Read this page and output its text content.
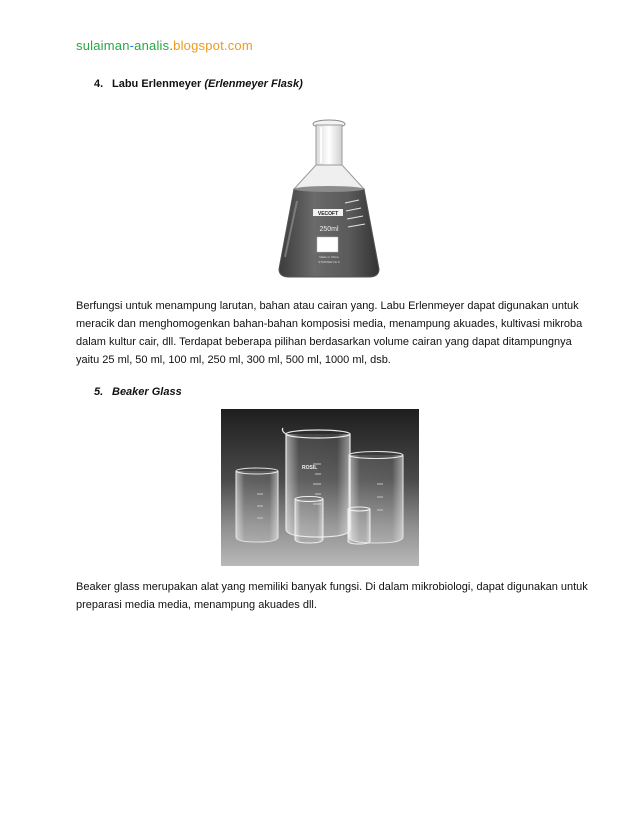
sulaiman-analis.blogspot.com

4. Labu Erlenmeyer (Erlenmeyer Flask)

VECOFT
250ml
Made in China
STOPPER No.6
Berfungsi untuk menampung larutan, bahan atau cairan yang. Labu Erlenmeyer dapat digunakan untuk
meracik dan menghomogenkan bahan-bahan komposisi media, menampung akuades, kultivasi mikroba
dalam kultur cair, dll. Terdapat beberapa pilihan berdasarkan volume cairan yang dapat ditampungnya
yaitu 25 ml, 50 ml, 100 ml, 250 ml, 300 ml, 500 ml, 1000 ml, dsb.

5. Beaker Glass

ROSIL
Beaker glass merupakan alat yang memiliki banyak fungsi. Di dalam mikrobiologi, dapat digunakan untuk
preparasi media media, menampung akuades dll.
